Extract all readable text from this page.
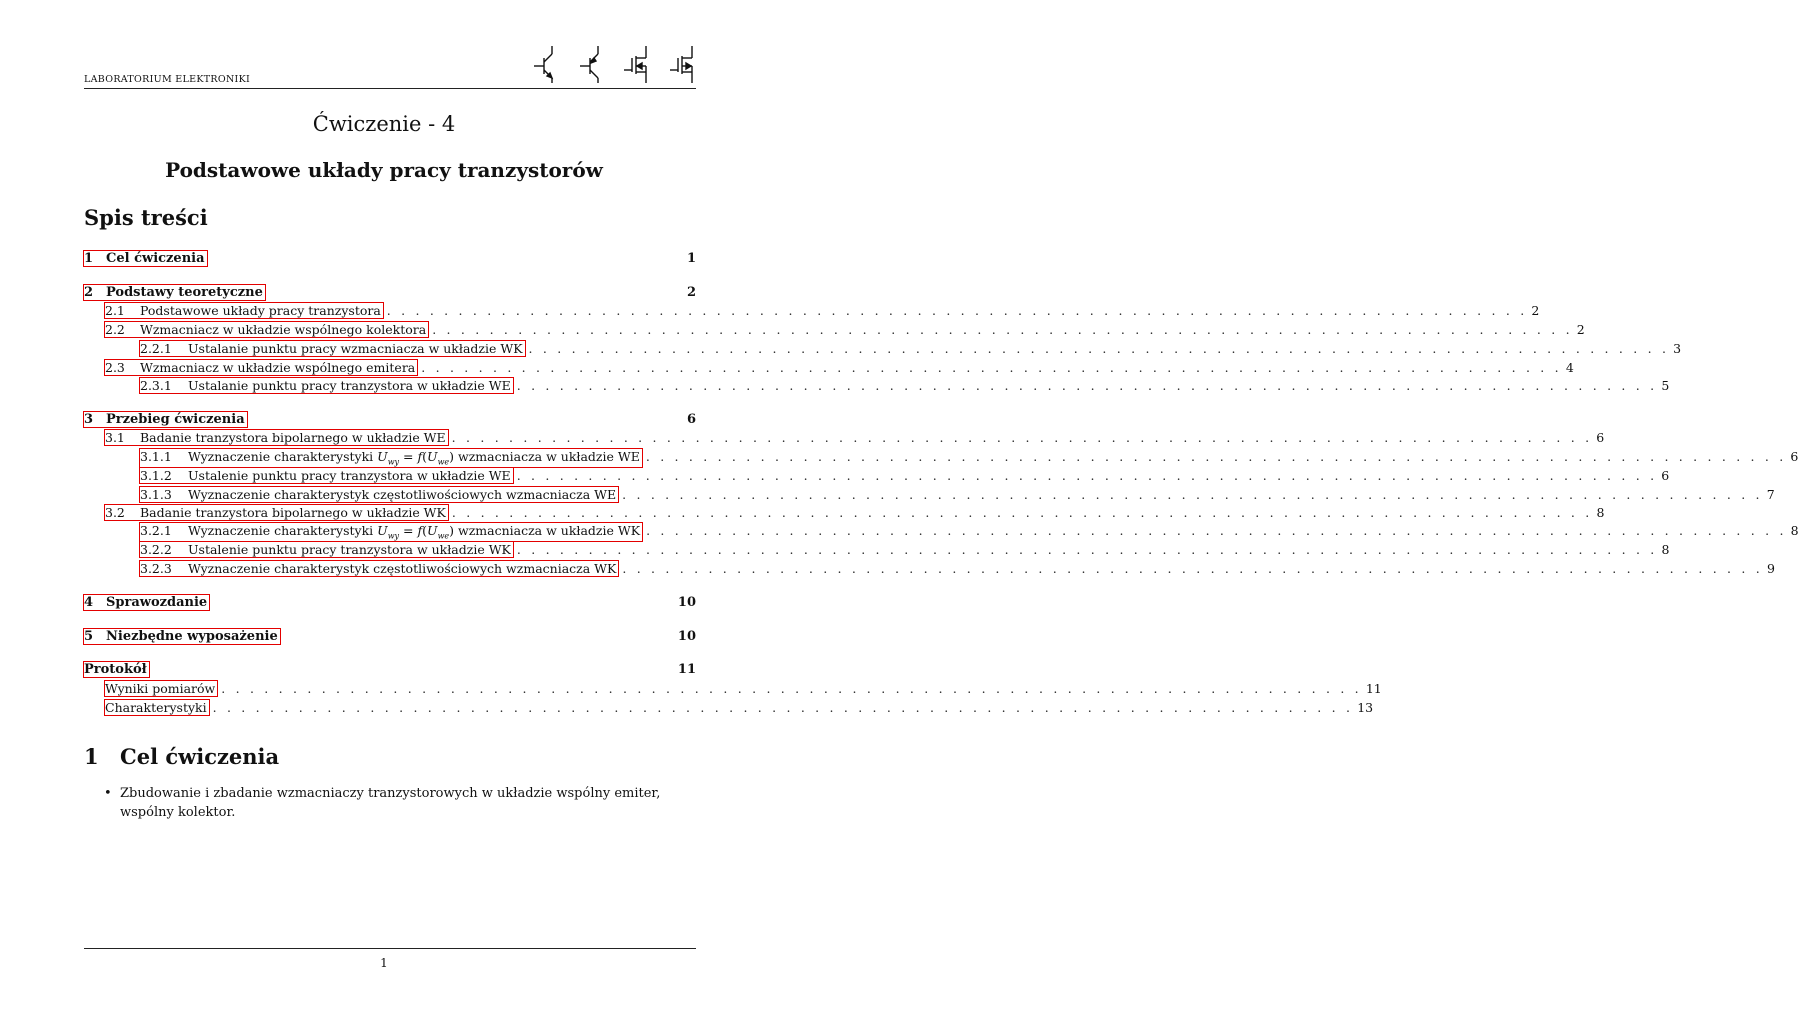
LABORATORIUM ELEKTRONIKI
Ćwiczenie - 4
Podstawowe układy pracy tranzystorów
Spis treści
1 Cel ćwiczenia	1
2 Podstawy teoretyczne	2
2.1 Podstawowe układy pracy tranzystora . . . . . . . . . . . . . . . . . . . . . . . . . . . . . . . . . . . . . . . . . . . . . . . . . . . . . . . . . . . . . . . . . . . . . . . . . . . . . . . . 2
2.2 Wzmacniacz w układzie wspólnego kolektora . . . . . . . . . . . . . . . . . . . . . . . . . . . . . . . . . . . . . . . . . . . . . . . . . . . . . . . . . . . . . . . . . . . . . . . . . . . . . . . . 2
2.2.1 Ustalanie punktu pracy wzmacniacza w układzie WK . . . . . . . . . . . . . . . . . . . . . . . . . . . . . . . . . . . . . . . . . . . . . . . . . . . . . . . . . . . . . . . . . . . . . . . . . . . . . . . . 3
2.3 Wzmacniacz w układzie wspólnego emitera . . . . . . . . . . . . . . . . . . . . . . . . . . . . . . . . . . . . . . . . . . . . . . . . . . . . . . . . . . . . . . . . . . . . . . . . . . . . . . . . 4
2.3.1 Ustalanie punktu pracy tranzystora w układzie WE . . . . . . . . . . . . . . . . . . . . . . . . . . . . . . . . . . . . . . . . . . . . . . . . . . . . . . . . . . . . . . . . . . . . . . . . . . . . . . . . 5
3 Przebieg ćwiczenia	6
3.1 Badanie tranzystora bipolarnego w układzie WE . . . . . . . . . . . . . . . . . . . . . . . . . . . . . . . . . . . . . . . . . . . . . . . . . . . . . . . . . . . . . . . . . . . . . . . . . . . . . . . . 6
3.1.1 Wyznaczenie charakterystyki $U_{wy} = f(U_{we})$ wzmacniacza w układzie WE . . . . . . . . . . . . . . . . . . . . . . . . . . . . . . . . . . . . . . . . . . . . . . . . . . . . . . . . . . . . . . . . . . . . . . . . . . . . . . . . 6
3.1.2 Ustalenie punktu pracy tranzystora w układzie WE . . . . . . . . . . . . . . . . . . . . . . . . . . . . . . . . . . . . . . . . . . . . . . . . . . . . . . . . . . . . . . . . . . . . . . . . . . . . . . . . 6
3.1.3 Wyznaczenie charakterystyk częstotliwościowych wzmacniacza WE . . . . . . . . . . . . . . . . . . . . . . . . . . . . . . . . . . . . . . . . . . . . . . . . . . . . . . . . . . . . . . . . . . . . . . . . . . . . . . . . 7
3.2 Badanie tranzystora bipolarnego w układzie WK . . . . . . . . . . . . . . . . . . . . . . . . . . . . . . . . . . . . . . . . . . . . . . . . . . . . . . . . . . . . . . . . . . . . . . . . . . . . . . . . 8
3.2.1 Wyznaczenie charakterystyki $U_{wy} = f(U_{we})$ wzmacniacza w układzie WK . . . . . . . . . . . . . . . . . . . . . . . . . . . . . . . . . . . . . . . . . . . . . . . . . . . . . . . . . . . . . . . . . . . . . . . . . . . . . . . . 8
3.2.2 Ustalenie punktu pracy tranzystora w układzie WK . . . . . . . . . . . . . . . . . . . . . . . . . . . . . . . . . . . . . . . . . . . . . . . . . . . . . . . . . . . . . . . . . . . . . . . . . . . . . . . . 8
3.2.3 Wyznaczenie charakterystyk częstotliwościowych wzmacniacza WK . . . . . . . . . . . . . . . . . . . . . . . . . . . . . . . . . . . . . . . . . . . . . . . . . . . . . . . . . . . . . . . . . . . . . . . . . . . . . . . . 9
4 Sprawozdanie	10
5 Niezbędne wyposażenie	10
Protokół	11
Wyniki pomiarów . . . . . . . . . . . . . . . . . . . . . . . . . . . . . . . . . . . . . . . . . . . . . . . . . . . . . . . . . . . . . . . . . . . . . . . . . . . . . . . . 11
Charakterystyki . . . . . . . . . . . . . . . . . . . . . . . . . . . . . . . . . . . . . . . . . . . . . . . . . . . . . . . . . . . . . . . . . . . . . . . . . . . . . . . . 13
1 Cel ćwiczenia
• Zbudowanie i zbadanie wzmacniaczy tranzystorowych w układzie wspólny emiter, wspólny kolektor.
1
